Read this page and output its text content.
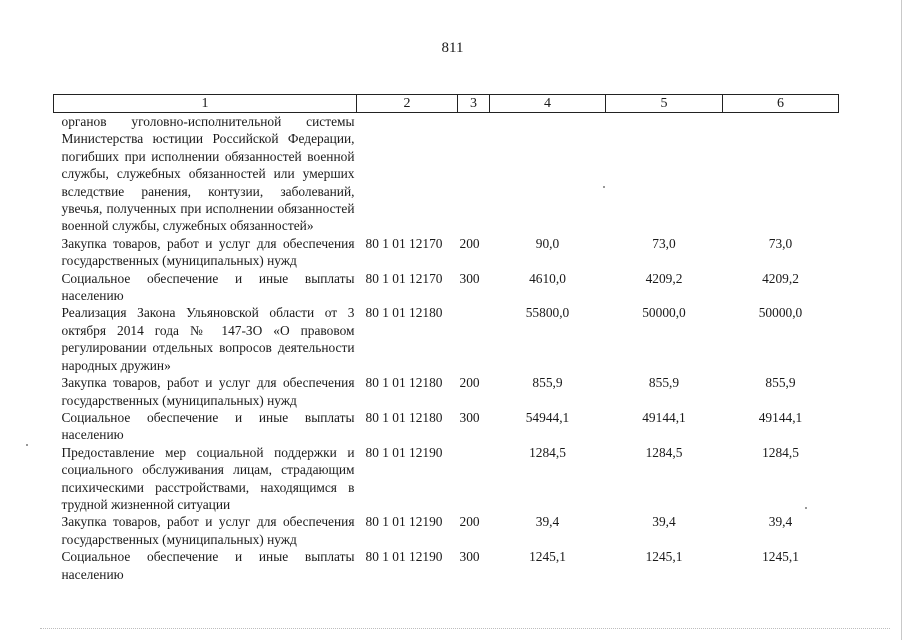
811
1	2	3	4	5	6
органов уголовно-исполнительной системы Министерства юстиции Российской Федерации, погибших при исполнении обязанностей военной службы, служебных обязанностей или умерших вследствие ранения, контузии, заболеваний, увечья, полученных при исполнении обязанностей военной службы, служебных обязанностей»					
Закупка товаров, работ и услуг для обеспечения государственных (муниципальных) нужд	80 1 01 12170	200	90,0	73,0	73,0
Социальное обеспечение и иные выплаты населению	80 1 01 12170	300	4610,0	4209,2	4209,2
Реализация Закона Ульяновской области от 3 октября 2014 года № 147-ЗО «О правовом регулировании отдельных вопросов деятельности народных дружин»	80 1 01 12180		55800,0	50000,0	50000,0
Закупка товаров, работ и услуг для обеспечения государственных (муниципальных) нужд	80 1 01 12180	200	855,9	855,9	855,9
Социальное обеспечение и иные выплаты населению	80 1 01 12180	300	54944,1	49144,1	49144,1
Предоставление мер социальной поддержки и социального обслуживания лицам, страдающим психическими расстройствами, находящимся в трудной жизненной ситуации	80 1 01 12190		1284,5	1284,5	1284,5
Закупка товаров, работ и услуг для обеспечения государственных (муниципальных) нужд	80 1 01 12190	200	39,4	39,4	39,4
Социальное обеспечение и иные выплаты населению	80 1 01 12190	300	1245,1	1245,1	1245,1
